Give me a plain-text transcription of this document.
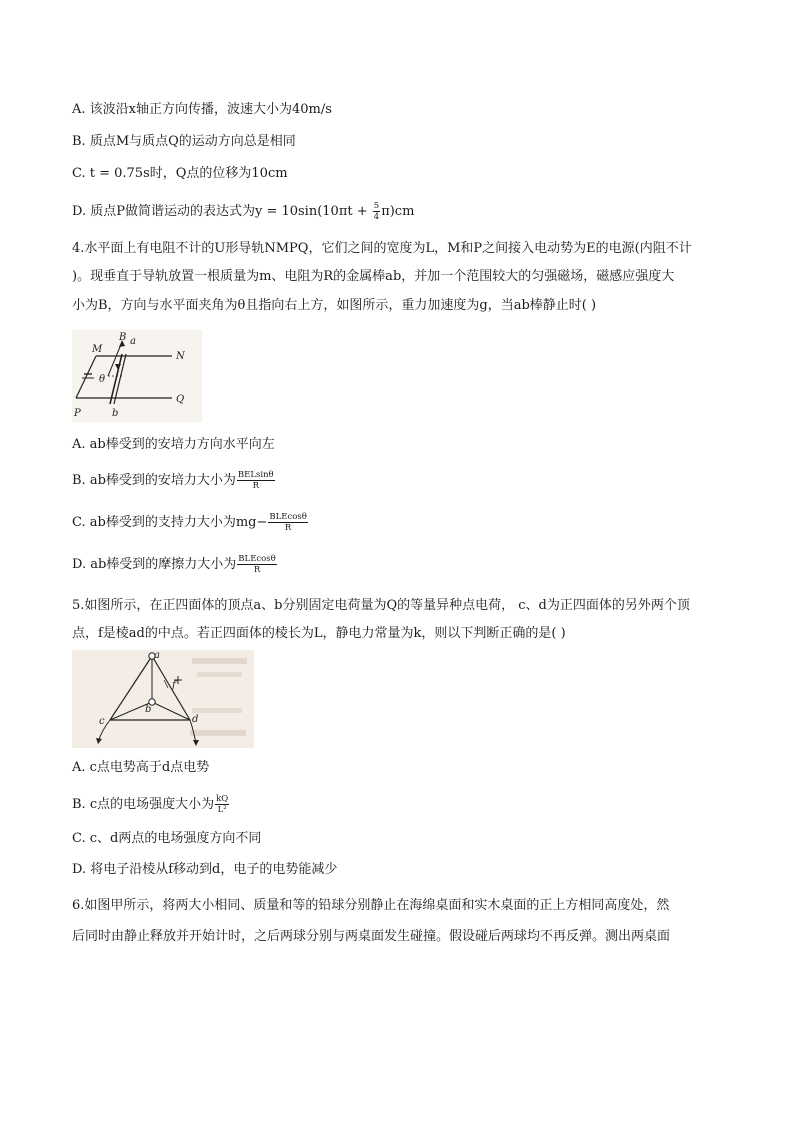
A. 该波沿x轴正方向传播，波速大小为40m/s
B. 质点M与质点Q的运动方向总是相同
C. t = 0.75s时，Q点的位移为10cm
D. 质点P做简谐运动的表达式为$y = 10\sin(10\pi t + \frac{5}{4} \pi)cm$
4.水平面上有电阻不计的U形导轨NMPQ，它们之间的宽度为L，M和P之间接入电动势为E的电源(内阻不计
)。现垂直于导轨放置一根质量为m、电阻为R的金属棒ab，并加一个范围较大的匀强磁场，磁感应强度大
小为B，方向与水平面夹角为θ且指向右上方，如图所示，重力加速度为g，当ab棒静止时( )
M
B a
N
θ
P	b
Q
A. ab棒受到的安培力方向水平向左
B. ab棒受到的安培力大小为 $\frac{\text{BELsinθ}}{R}$
C. ab棒受到的支持力大小为$mg- \frac{\text{BLEcosθ}}{R}$
D. ab棒受到的摩擦力大小为 $\frac{\text{BLEcosθ}}{R}$
5.如图所示，在正四面体的顶点a、b分别固定电荷量为Q的等量异种点电荷， c、d为正四面体的另外两个顶
点，f是棱ad的中点。若正四面体的棱长为L，静电力常量为k，则以下判断正确的是( )
a
b
c	d
f
A. c点电势高于d点电势
B. c点的电场强度大小为 $\frac{kQ}{\text{L²}}$
C. c、d两点的电场强度方向不同
D. 将电子沿棱从f移动到d，电子的电势能减少
6.如图甲所示，将两大小相同、质量和等的铅球分别静止在海绵桌面和实木桌面的正上方相同高度处，然
后同时由静止释放并开始计时，之后两球分别与两桌面发生碰撞。假设碰后两球均不再反弹。测出两桌面
